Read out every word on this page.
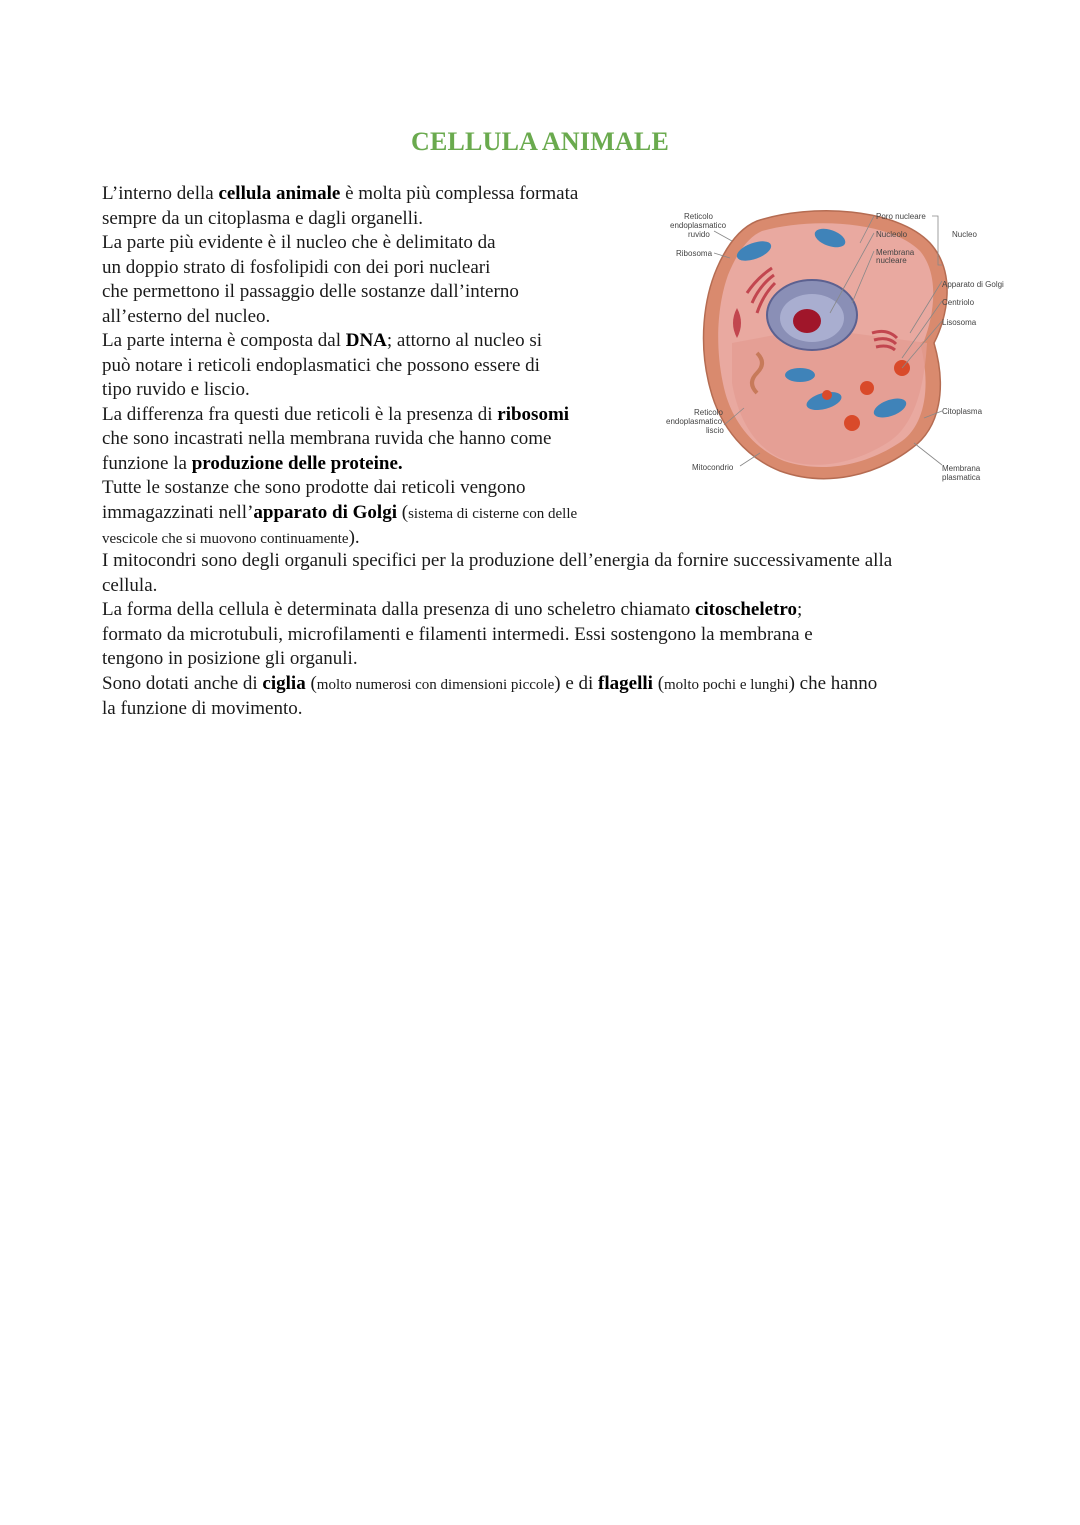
CELLULA ANIMALE
L’interno della cellula animale è molta più complessa formata
sempre da un citoplasma e dagli organelli.
La parte più evidente è il nucleo che è delimitato da
un doppio strato di fosfolipidi con dei pori nucleari
che permettono il passaggio delle sostanze dall’interno
all’esterno del nucleo.
La parte interna è composta dal DNA; attorno al nucleo si
può notare i reticoli endoplasmatici che possono essere di
tipo ruvido e liscio.
La differenza fra questi due reticoli è la presenza di ribosomi
che sono incastrati nella membrana ruvida che hanno come
funzione la produzione delle proteine.
Tutte le sostanze che sono prodotte dai reticoli vengono
immagazzinati nell’apparato di Golgi (sistema di cisterne con delle
vescicole che si muovono continuamente).
Reticolo
endoplasmatico
ruvido
Ribosoma
Reticolo
endoplasmatico
liscio
Mitocondrio
Poro nucleare
Nucleolo
Membrana
nucleare
Nucleo
Apparato di Golgi
Centriolo
Lisosoma
Citoplasma
Membrana
plasmatica
I mitocondri sono degli organuli specifici per la produzione dell’energia da fornire successivamente alla
cellula.
La forma della cellula è determinata dalla presenza di uno scheletro chiamato citoscheletro;
formato da microtubuli, microfilamenti e filamenti intermedi. Essi sostengono la membrana e
tengono in posizione gli organuli.
Sono dotati anche di ciglia (molto numerosi con dimensioni piccole) e di flagelli (molto pochi e lunghi) che hanno
la funzione di movimento.
